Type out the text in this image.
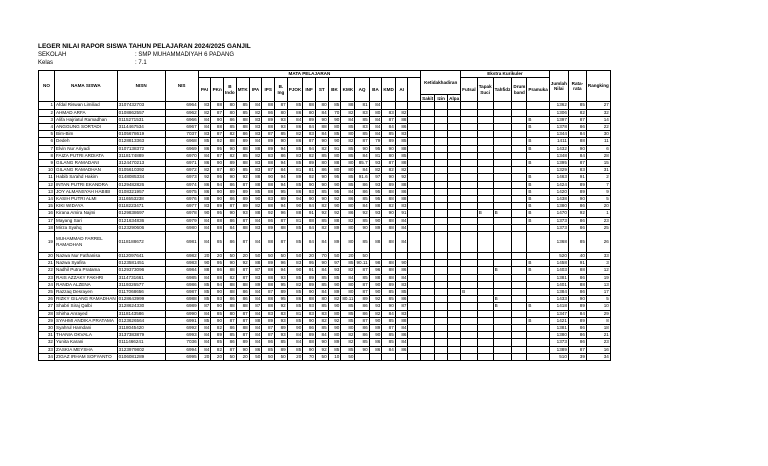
LEGER NILAI RAPOR SISWA TAHUN PELAJARAN 2024/2025 GANJIL
SEKOLAH	: SMP MUHAMMADIYAH 6 PADANG
Kelas	: 7.1
NO	NAMA SISWA	NISN	NIS	MATA PELAJARAN																	Ketidakhadiran			Ekstra Kurikuler					Jumlah Nilai	Rata-rata	Rangking
				PAI	PKn	B Indo	MTK	IPA	IPS	B. Ing	PJOK	INF	ST	BK	KMK	AQ	BA	KMD	AI					Futsal	Tapak Suci	Tahfidz	Drum band	Pramuka			
																					Sakit	Izin	Alpa								
1	Afdal Riswan Limiliad	3107432703	6964	83	88	80	85	84	88	87	85	88	80	85	88	81	84												1362	85	27
2	AHMAD ARFA	0108862557	6962	82	87	80	85	82	86	80	86	80	84	70	82	83	80	83	82										1306	82	32
3	Alifa Hajriatul Ramadhan	0115271531	6966	84	90	86	88	83	89	93	84	89	90	90	84	85	84	87	88									B	1397	87	14
4	ANGGUNG SORTADI	3114467534	6967	84	88	85	88	83	88	93	86	84	88	80	85	83	84	84	86									B	1378	86	22
5	Bim-Bim	0105678619	7037	83	87	82	86	83	87	85	82	83	84	85	80	85	84	85	83										1344	84	30
6	Dedeh	0128813363	6968	85	92	88	89	84	89	90	86	87	90	90	82	87	79	89	85									B	1411	88	11
7	Elvin Nur Ariyadi	0107138372	6969	86	95	90	88	88	89	94	85	94	82	91	85	90	95	90	88									B	1432	90	6
8	FAIZA PUTRI ARDIATA	3118174889	6970	84	87	82	85	82	83	86	83	82	85	80	85	84	81	80	85										1348	84	28
9	GILANG RAMADANI	3124470213	6971	86	90	89	88	83	88	94	85	89	80	88	80	85.7	93	87	88									B	1395	87	15
10	GILANG RAMADHAN	0105610392	6972	82	87	80	85	83	87	84	81	81	86	80	80	84	82	82	82										1329	83	31
11	Habib Sa'ahd Hakim	0148085334	6973	92	95	90	92	88	90	94	89	92	90	95	85	91.6	97	90	92									B	1463	91	2
12	INTAN PUTRI EKANDRA	0129482826	6974	86	94	86	87	88	88	94	85	90	90	90	85	86	93	89	88									B	1424	89	7
13	JOY ALMANSYAH HABIBI	0108321957	6975	86	90	89	89	85	88	95	86	93	85	95	84	86	95	88	86									B	1420	89	9
14	KASIH PUTRI ALMI	3116553238	6976	88	90	86	89	90	83	89	94	90	90	92	86	85	95	88	88									B	1438	90	5
15	KIKI WIDAYA	0118223471	6977	83	89	87	89	82	88	94	90	84	82	90	80	84	88	82	83									B	1380	86	20
16	Kirana Amira Najmi	0129838697	6978	90	95	90	93	88	92	96	88	91	92	92	86	92	93	90	91						B	B		B	1470	92	1
17	Mayang Sari	0121634836	6979	84	88	86	87	84	86	87	81	88	85	88	82	85	90	88	84									B	1373	86	23
18	Mirza Syahq	0123290606	6980	84	88	84	88	83	89	88	85	84	82	89	80	90	89	88	84										1373	86	25
19	MUHAMMAD FARREL RAMADHAN	0118188672	6981	84	85	86	87	84	88	87	85	84	84	89	80	85	88	88	84										1368	85	26
20	Nazwa Nur Fathanisa	0112097641	6982	20	20	50	20	50	50	50	50	20	70	50	20	50													520	40	33
21	Nazwa Syafira	0123581451	6983	90	95	90	92	88	89	96	83	95	90	97	85	90.11	98	88	90									B	1458	91	3
22	Nadhil Putra Pratama	0129373096	6984	88	86	88	87	87	88	94	90	91	84	93	82	87	96	88	86							B		B	1403	88	12
23	RAIS AZZAKY FAKHRI	3114731661	6985	84	88	82	87	83	88	93	85	89	85	85	84	85	88	88	84										1381	86	19
24	RANDA ALZENA	3119326577	6986	85	94	88	88	89	88	95	82	89	85	90	80	87	90	89	83										1401	88	13
25	Razzaq Desrayen	0117068656	6987	85	90	88	86	84	87	89	85	90	84	89	80	87	90	85	85					B					1384	86	17
26	RIZKY GILANG RAMADHAN	0128643999	6988	85	93	86	86	84	88	95	86	88	80	82	80.11	89	92	85	86							B			1433	90	5
27	Shabri Siraj Qalbi	3128624330	6989	87	90	88	88	87	88	92	85	93	85	90	85	86	93	90	87							B		B	1418	89	10
28	Shirha Anrayed	3118143586	6990	84	85	80	87	84	83	83	81	83	83	80	85	86	82	84	83										1347	84	29
29	SYAHMI ANDIKA PRATAMA	0123626564	6991	85	90	87	87	88	89	93	85	90	82	92	85	87	90	85	88									B	1421	89	8
30	Syahrul Hamdani	3118045420	6992	84	82	86	88	84	87	89	90	86	85	90	80	86	89	87	84										1381	86	18
31	THANIA OKVALA	3137383879	6993	84	89	85	87	84	87	93	84	89	84	80	82	86	90	85	86										1380	86	21
32	Yunita Karani	0111466241	7036	84	85	86	89	84	86	85	84	88	90	89	82	85	86	85	84										1373	86	23
33	ZASKIA MEYSHA	3123979802	6994	84	82	87	90	86	85	89	85	90	92	85	85	90	86	84	86										1389	87	16
34	ZIGAZ IRHAM SOFYANTO	0106081289	6995	20	20	50	20	50	50	50	20	70	50	10	50														510	39	34
